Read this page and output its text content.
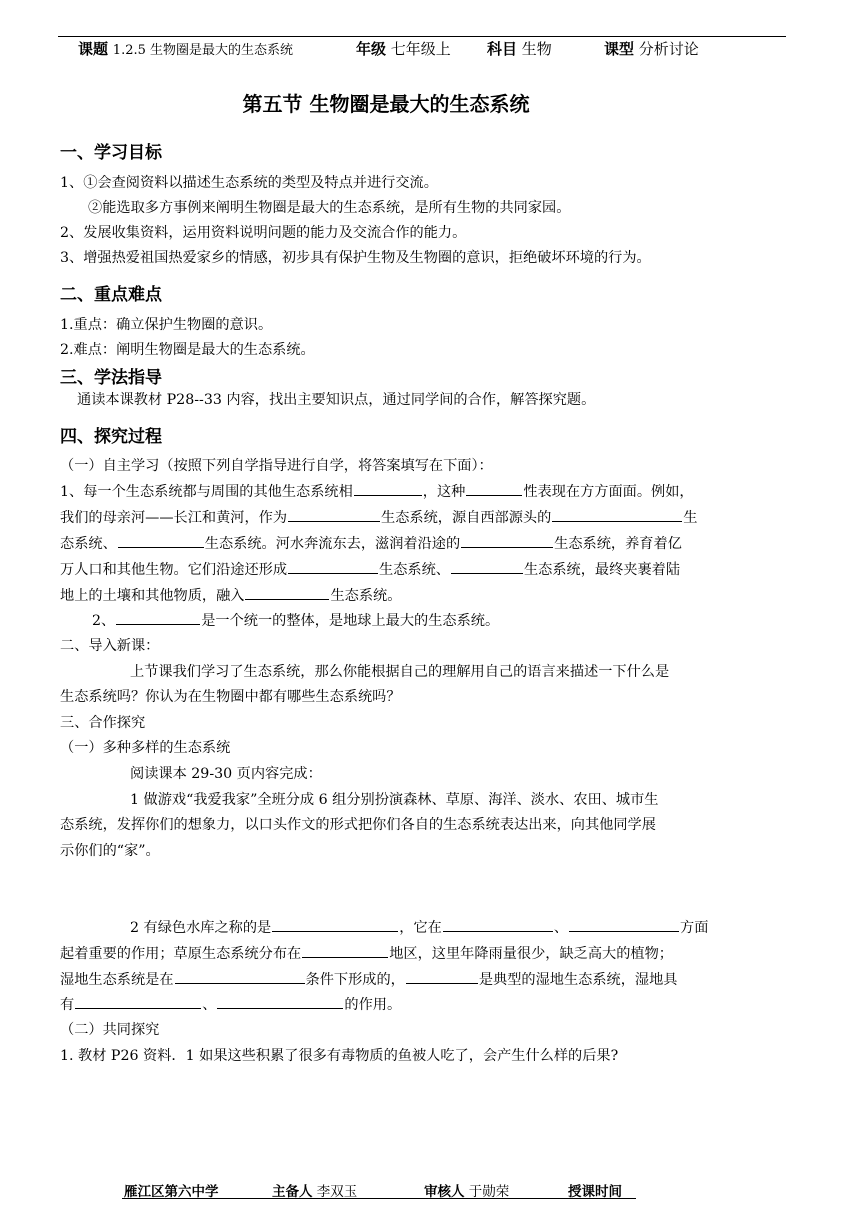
课题 1.2.5 生物圈是最大的生态系统	年级 七年级上 科目 生物	课型 分析讨论
第五节 生物圈是最大的生态系统
一、学习目标
1、①会查阅资料以描述生态系统的类型及特点并进行交流。
②能选取多方事例来阐明生物圈是最大的生态系统，是所有生物的共同家园。
2、发展收集资料，运用资料说明问题的能力及交流合作的能力。
3、增强热爱祖国热爱家乡的情感，初步具有保护生物及生物圈的意识，拒绝破坏环境的行为。
二、重点难点
1.重点：确立保护生物圈的意识。
2.难点：阐明生物圈是最大的生态系统。
三、学法指导
通读本课教材 P28--33 内容，找出主要知识点，通过同学间的合作，解答探究题。
四、探究过程
（一）自主学习（按照下列自学指导进行自学，将答案填写在下面）：
1、每一个生态系统都与周围的其他生态系统相	，这种	性表现在方方面面。例如，
我们的母亲河——长江和黄河，作为	生态系统，源自西部源头的	生
态系统、	生态系统。河水奔流东去，滋润着沿途的	生态系统，养育着亿
万人口和其他生物。它们沿途还形成	生态系统、	生态系统，最终夹裹着陆
地上的土壤和其他物质，融入	生态系统。
2、	是一个统一的整体，是地球上最大的生态系统。
二、导入新课：
上节课我们学习了生态系统，那么你能根据自己的理解用自己的语言来描述一下什么是
生态系统吗？你认为在生物圈中都有哪些生态系统吗？
三、合作探究
（一）多种多样的生态系统
阅读课本 29-30 页内容完成：
1 做游戏“我爱我家”全班分成 6 组分别扮演森林、草原、海洋、淡水、农田、城市生
态系统，发挥你们的想象力，以口头作文的形式把你们各自的生态系统表达出来，向其他同学展
示你们的“家”。
2 有绿色水库之称的是	，它在	、	方面
起着重要的作用；草原生态系统分布在	地区，这里年降雨量很少，缺乏高大的植物；
湿地生态系统是在	条件下形成的，	是典型的湿地生态系统，湿地具
有	、	的作用。
（二）共同探究
1. 教材 P26 资料．1 如果这些积累了很多有毒物质的鱼被人吃了，会产生什么样的后果?
雁江区第六中学	主备人 李双玉	审核人 于勋荣	授课时间
